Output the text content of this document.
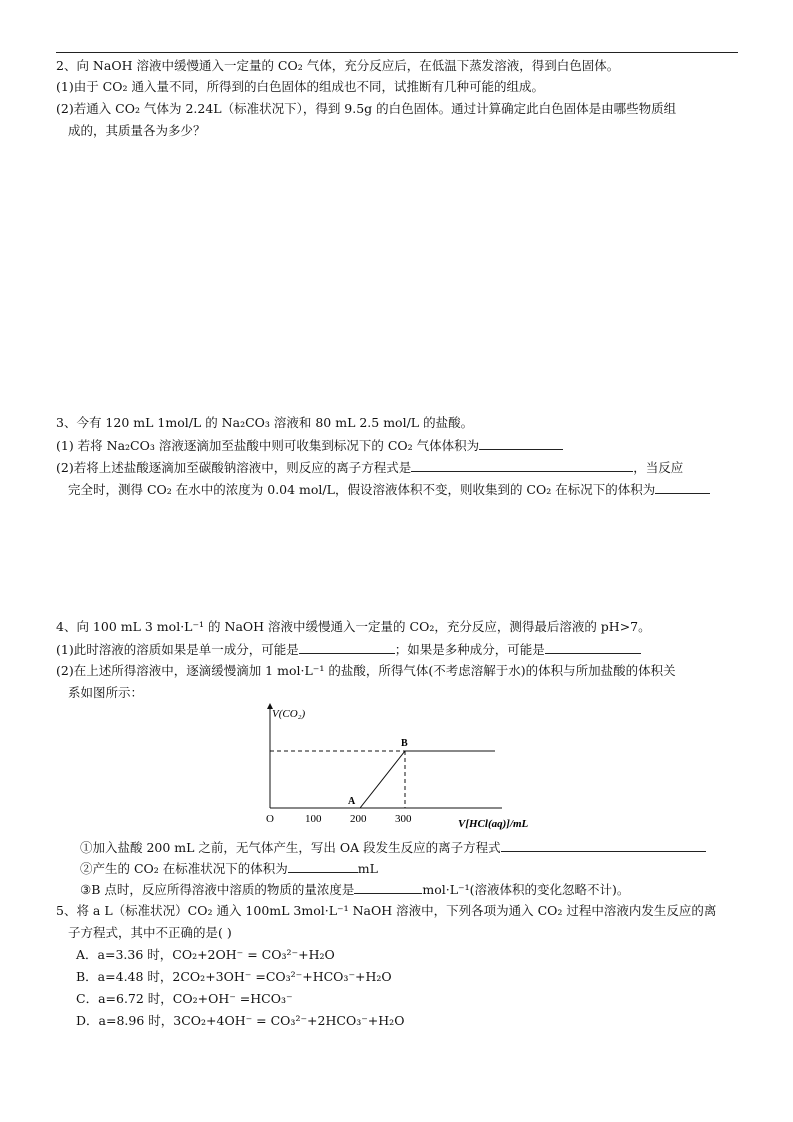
2、向 NaOH 溶液中缓慢通入一定量的 CO₂ 气体，充分反应后，在低温下蒸发溶液，得到白色固体。
(1)由于 CO₂ 通入量不同，所得到的白色固体的组成也不同，试推断有几种可能的组成。
(2)若通入 CO₂ 气体为 2.24L（标准状况下），得到 9.5g 的白色固体。通过计算确定此白色固体是由哪些物质组
成的，其质量各为多少？
3、今有 120 mL 1mol/L 的 Na₂CO₃ 溶液和 80 mL 2.5 mol/L 的盐酸。
(1) 若将 Na₂CO₃ 溶液逐滴加至盐酸中则可收集到标况下的 CO₂ 气体体积为
(2)若将上述盐酸逐滴加至碳酸钠溶液中，则反应的离子方程式是	，当反应
完全时，测得 CO₂ 在水中的浓度为 0.04 mol/L，假设溶液体积不变，则收集到的 CO₂ 在标况下的体积为
4、向 100 mL 3 mol·L⁻¹ 的 NaOH 溶液中缓慢通入一定量的 CO₂，充分反应，测得最后溶液的 pH>7。
(1)此时溶液的溶质如果是单一成分，可能是	；如果是多种成分，可能是
(2)在上述所得溶液中，逐滴缓慢滴加 1 mol·L⁻¹ 的盐酸，所得气体(不考虑溶解于水)的体积与所加盐酸的体积关
系如图所示：
V(CO₂)
V[HCl(aq)]/mL
O	100	200	300
A
B
①加入盐酸 200 mL 之前，无气体产生，写出 OA 段发生反应的离子方程式
②产生的 CO₂ 在标准状况下的体积为	mL
③B 点时，反应所得溶液中溶质的物质的量浓度是	mol·L⁻¹(溶液体积的变化忽略不计)。
5、将 a L（标准状况）CO₂ 通入 100mL 3mol·L⁻¹ NaOH 溶液中，下列各项为通入 CO₂ 过程中溶液内发生反应的离
子方程式，其中不正确的是( )
A．a=3.36 时，CO₂+2OH⁻ = CO₃²⁻+H₂O
B．a=4.48 时，2CO₂+3OH⁻ =CO₃²⁻+HCO₃⁻+H₂O
C．a=6.72 时，CO₂+OH⁻ =HCO₃⁻
D．a=8.96 时，3CO₂+4OH⁻ = CO₃²⁻+2HCO₃⁻+H₂O
